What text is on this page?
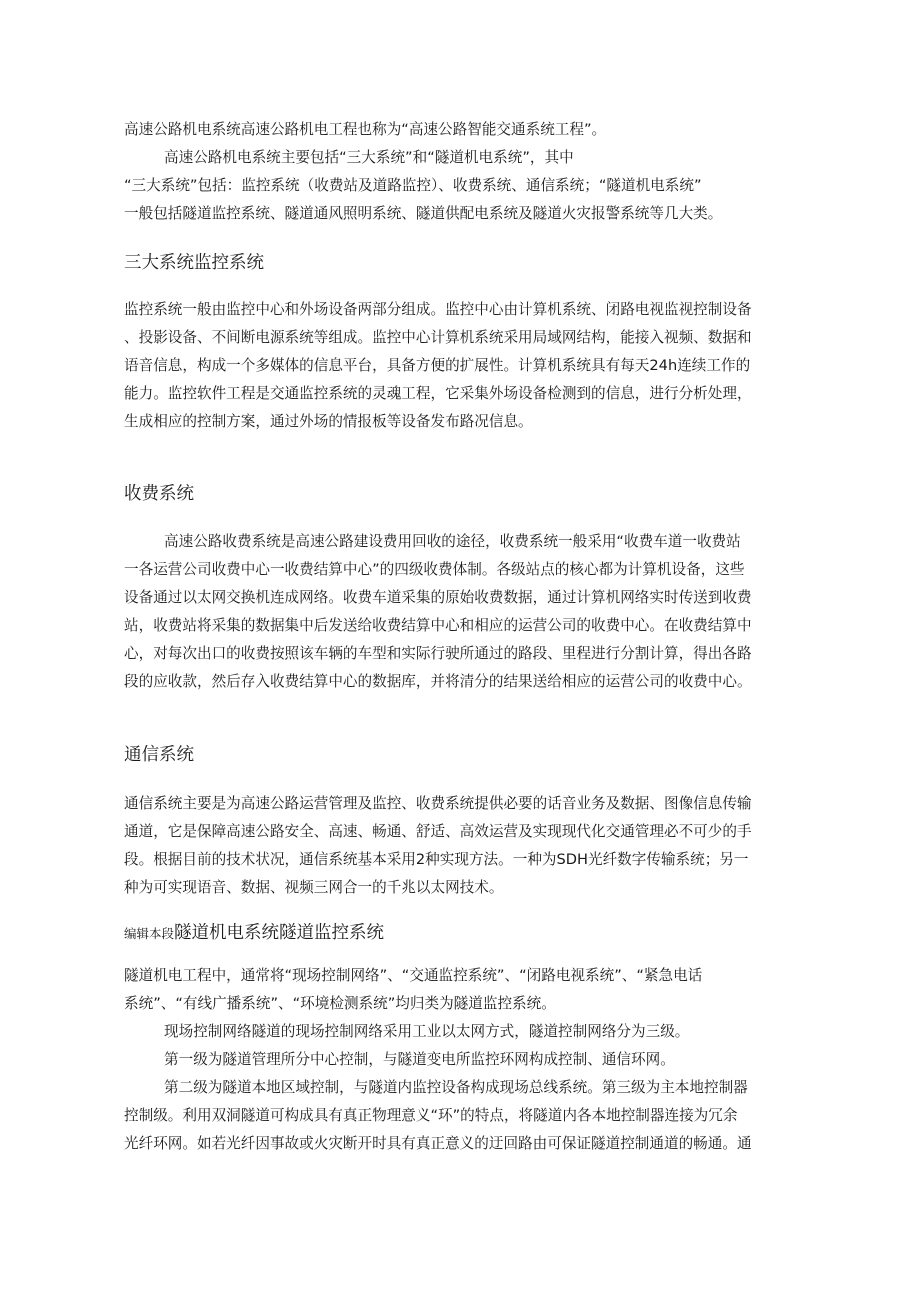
高速公路机电系统高速公路机电工程也称为“高速公路智能交通系统工程”。
高速公路机电系统主要包括“三大系统”和“隧道机电系统”，其中
“三大系统”包括：监控系统（收费站及道路监控）、收费系统、通信系统；“隧道机电系统”
一般包括隧道监控系统、隧道通风照明系统、隧道供配电系统及隧道火灾报警系统等几大类。
三大系统监控系统
监控系统一般由监控中心和外场设备两部分组成。监控中心由计算机系统、闭路电视监视控制设备
、投影设备、不间断电源系统等组成。监控中心计算机系统采用局域网结构，能接入视频、数据和
语音信息，构成一个多媒体的信息平台，具备方便的扩展性。计算机系统具有每天24h连续工作的
能力。监控软件工程是交通监控系统的灵魂工程，它采集外场设备检测到的信息，进行分析处理，
生成相应的控制方案，通过外场的情报板等设备发布路况信息。
收费系统
高速公路收费系统是高速公路建设费用回收的途径，收费系统一般采用“收费车道一收费站
一各运营公司收费中心一收费结算中心”的四级收费体制。各级站点的核心都为计算机设备，这些
设备通过以太网交换机连成网络。收费车道采集的原始收费数据，通过计算机网络实时传送到收费
站，收费站将采集的数据集中后发送给收费结算中心和相应的运营公司的收费中心。在收费结算中
心，对每次出口的收费按照该车辆的车型和实际行驶所通过的路段、里程进行分割计算，得出各路
段的应收款，然后存入收费结算中心的数据库，并将清分的结果送给相应的运营公司的收费中心。
通信系统
通信系统主要是为高速公路运营管理及监控、收费系统提供必要的话音业务及数据、图像信息传输
通道，它是保障高速公路安全、高速、畅通、舒适、高效运营及实现现代化交通管理必不可少的手
段。根据目前的技术状况，通信系统基本采用2种实现方法。一种为SDH光纤数字传输系统；另一
种为可实现语音、数据、视频三网合一的千兆以太网技术。
编辑本段隧道机电系统隧道监控系统
隧道机电工程中，通常将“现场控制网络”、“交通监控系统”、“闭路电视系统”、“紧急电话
系统”、“有线广播系统”、“环境检测系统”均归类为隧道监控系统。
现场控制网络隧道的现场控制网络采用工业以太网方式，隧道控制网络分为三级。
第一级为隧道管理所分中心控制，与隧道变电所监控环网构成控制、通信环网。
第二级为隧道本地区域控制，与隧道内监控设备构成现场总线系统。第三级为主本地控制器
控制级。利用双洞隧道可构成具有真正物理意义“环”的特点，将隧道内各本地控制器连接为冗余
光纤环网。如若光纤因事故或火灾断开时具有真正意义的迂回路由可保证隧道控制通道的畅通。通
